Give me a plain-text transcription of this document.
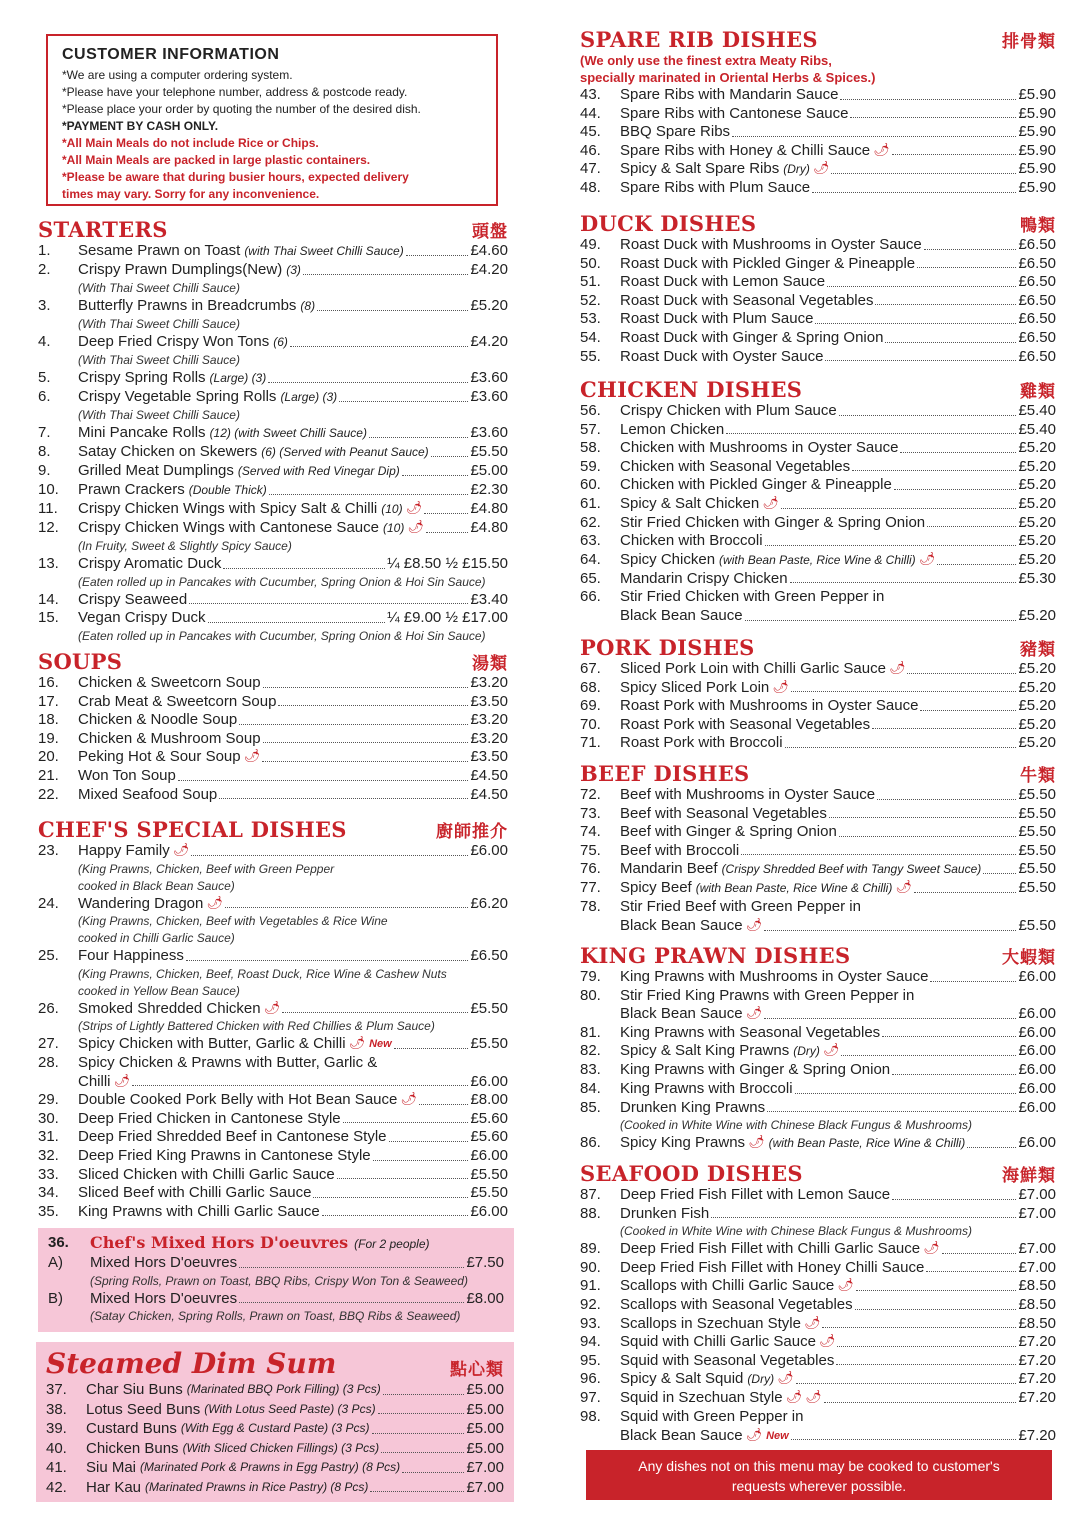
CUSTOMER INFORMATION
*We are using a computer ordering system.
*Please have your telephone number, address & postcode ready.
*Please place your order by quoting the number of the desired dish.
*PAYMENT BY CASH ONLY.
*All Main Meals do not include Rice or Chips.
*All Main Meals are packed in large plastic containers.
*Please be aware that during busier hours, expected delivery
times may vary. Sorry for any inconvenience.
STARTERS	頭盤
1.	Sesame Prawn on Toast (with Thai Sweet Chilli Sauce)	£4.60
2.	Crispy Prawn Dumplings (New) (3)	£4.20
(With Thai Sweet Chilli Sauce)
3.	Butterfly Prawns in Breadcrumbs (8)	£5.20
(With Thai Sweet Chilli Sauce)
4.	Deep Fried Crispy Won Tons (6)	£4.20
(With Thai Sweet Chilli Sauce)
5.	Crispy Spring Rolls (Large) (3)	£3.60
6.	Crispy Vegetable Spring Rolls (Large) (3)	£3.60
(With Thai Sweet Chilli Sauce)
7.	Mini Pancake Rolls (12) (with Sweet Chilli Sauce)	£3.60
8.	Satay Chicken on Skewers (6) (Served with Peanut Sauce)	£5.50
9.	Grilled Meat Dumplings (Served with Red Vinegar Dip)	£5.00
10.	Prawn Crackers (Double Thick)	£2.30
11.	Crispy Chicken Wings with Spicy Salt & Chilli (10) 🌶	£4.80
12.	Crispy Chicken Wings with Cantonese Sauce (10) 🌶	£4.80
(In Fruity, Sweet & Slightly Spicy Sauce)
13.	Crispy Aromatic Duck	¼ £8.50 ½ £15.50
(Eaten rolled up in Pancakes with Cucumber, Spring Onion & Hoi Sin Sauce)
14.	Crispy Seaweed	£3.40
15.	Vegan Crispy Duck	¼ £9.00 ½ £17.00
(Eaten rolled up in Pancakes with Cucumber, Spring Onion & Hoi Sin Sauce)
SOUPS	湯類
16.	Chicken & Sweetcorn Soup	£3.20
17.	Crab Meat & Sweetcorn Soup	£3.50
18.	Chicken & Noodle Soup	£3.20
19.	Chicken & Mushroom Soup	£3.20
20.	Peking Hot & Sour Soup 🌶	£3.50
21.	Won Ton Soup	£4.50
22.	Mixed Seafood Soup	£4.50
CHEF'S SPECIAL DISHES	廚師推介
23.	Happy Family 🌶	£6.00
(King Prawns, Chicken, Beef with Green Pepper
cooked in Black Bean Sauce)
24.	Wandering Dragon 🌶	£6.20
(King Prawns, Chicken, Beef with Vegetables & Rice Wine
cooked in Chilli Garlic Sauce)
25.	Four Happiness	£6.50
(King Prawns, Chicken, Beef, Roast Duck, Rice Wine & Cashew Nuts
cooked in Yellow Bean Sauce)
26.	Smoked Shredded Chicken 🌶	£5.50
(Strips of Lightly Battered Chicken with Red Chillies & Plum Sauce)
27.	Spicy Chicken with Butter, Garlic & Chilli 🌶 New	£5.50
28.	Spicy Chicken & Prawns with Butter, Garlic &
Chilli 🌶	£6.00
29.	Double Cooked Pork Belly with Hot Bean Sauce 🌶	£8.00
30.	Deep Fried Chicken in Cantonese Style	£5.60
31.	Deep Fried Shredded Beef in Cantonese Style	£5.60
32.	Deep Fried King Prawns in Cantonese Style	£6.00
33.	Sliced Chicken with Chilli Garlic Sauce	£5.50
34.	Sliced Beef with Chilli Garlic Sauce	£5.50
35.	King Prawns with Chilli Garlic Sauce	£6.00
36.	Chef's Mixed Hors D'oeuvres (For 2 people)
A)	Mixed Hors D'oeuvres	£7.50
(Spring Rolls, Prawn on Toast, BBQ Ribs, Crispy Won Ton & Seaweed)
B)	Mixed Hors D'oeuvres	£8.00
(Satay Chicken, Spring Rolls, Prawn on Toast, BBQ Ribs & Seaweed)
Steamed Dim Sum	點心類
37.	Char Siu Buns (Marinated BBQ Pork Filling) (3 Pcs)	£5.00
38.	Lotus Seed Buns (With Lotus Seed Paste) (3 Pcs)	£5.00
39.	Custard Buns (With Egg & Custard Paste) (3 Pcs)	£5.00
40.	Chicken Buns (With Sliced Chicken Fillings) (3 Pcs)	£5.00
41.	Siu Mai (Marinated Pork & Prawns in Egg Pastry) (8 Pcs)	£7.00
42.	Har Kau (Marinated Prawns in Rice Pastry) (8 Pcs)	£7.00
SPARE RIB DISHES	排骨類
(We only use the finest extra Meaty Ribs,
specially marinated in Oriental Herbs & Spices.)
43.	Spare Ribs with Mandarin Sauce	£5.90
44.	Spare Ribs with Cantonese Sauce	£5.90
45.	BBQ Spare Ribs	£5.90
46.	Spare Ribs with Honey & Chilli Sauce 🌶	£5.90
47.	Spicy & Salt Spare Ribs (Dry) 🌶	£5.90
48.	Spare Ribs with Plum Sauce	£5.90
DUCK DISHES	鴨類
49.	Roast Duck with Mushrooms in Oyster Sauce	£6.50
50.	Roast Duck with Pickled Ginger & Pineapple	£6.50
51.	Roast Duck with Lemon Sauce	£6.50
52.	Roast Duck with Seasonal Vegetables	£6.50
53.	Roast Duck with Plum Sauce	£6.50
54.	Roast Duck with Ginger & Spring Onion	£6.50
55.	Roast Duck with Oyster Sauce	£6.50
CHICKEN DISHES	雞類
56.	Crispy Chicken with Plum Sauce	£5.40
57.	Lemon Chicken	£5.40
58.	Chicken with Mushrooms in Oyster Sauce	£5.20
59.	Chicken with Seasonal Vegetables	£5.20
60.	Chicken with Pickled Ginger & Pineapple	£5.20
61.	Spicy & Salt Chicken 🌶	£5.20
62.	Stir Fried Chicken with Ginger & Spring Onion	£5.20
63.	Chicken with Broccoli	£5.20
64.	Spicy Chicken (with Bean Paste, Rice Wine & Chilli) 🌶	£5.20
65.	Mandarin Crispy Chicken	£5.30
66.	Stir Fried Chicken with Green Pepper in
Black Bean Sauce	£5.20
PORK DISHES	豬類
67.	Sliced Pork Loin with Chilli Garlic Sauce 🌶	£5.20
68.	Spicy Sliced Pork Loin 🌶	£5.20
69.	Roast Pork with Mushrooms in Oyster Sauce	£5.20
70.	Roast Pork with Seasonal Vegetables	£5.20
71.	Roast Pork with Broccoli	£5.20
BEEF DISHES	牛類
72.	Beef with Mushrooms in Oyster Sauce	£5.50
73.	Beef with Seasonal Vegetables	£5.50
74.	Beef with Ginger & Spring Onion	£5.50
75.	Beef with Broccoli	£5.50
76.	Mandarin Beef (Crispy Shredded Beef with Tangy Sweet Sauce) £5.50
77.	Spicy Beef (with Bean Paste, Rice Wine & Chilli) 🌶	£5.50
78.	Stir Fried Beef with Green Pepper in
Black Bean Sauce 🌶	£5.50
KING PRAWN DISHES	大蝦類
79.	King Prawns with Mushrooms in Oyster Sauce	£6.00
80.	Stir Fried King Prawns with Green Pepper in
Black Bean Sauce 🌶	£6.00
81.	King Prawns with Seasonal Vegetables	£6.00
82.	Spicy & Salt King Prawns (Dry) 🌶	£6.00
83.	King Prawns with Ginger & Spring Onion	£6.00
84.	King Prawns with Broccoli	£6.00
85.	Drunken King Prawns	£6.00
(Cooked in White Wine with Chinese Black Fungus & Mushrooms)
86.	Spicy King Prawns 🌶 (with Bean Paste, Rice Wine & Chilli)	£6.00
SEAFOOD DISHES	海鮮類
87.	Deep Fried Fish Fillet with Lemon Sauce	£7.00
88.	Drunken Fish	£7.00
(Cooked in White Wine with Chinese Black Fungus & Mushrooms)
89.	Deep Fried Fish Fillet with Chilli Garlic Sauce 🌶	£7.00
90.	Deep Fried Fish Fillet with Honey Chilli Sauce	£7.00
91.	Scallops with Chilli Garlic Sauce 🌶	£8.50
92.	Scallops with Seasonal Vegetables	£8.50
93.	Scallops in Szechuan Style 🌶	£8.50
94.	Squid with Chilli Garlic Sauce 🌶	£7.20
95.	Squid with Seasonal Vegetables	£7.20
96.	Spicy & Salt Squid (Dry) 🌶	£7.20
97.	Squid in Szechuan Style 🌶 🌶	£7.20
98.	Squid with Green Pepper in
Black Bean Sauce 🌶 New	£7.20
Any dishes not on this menu may be cooked to customer's
requests wherever possible.
